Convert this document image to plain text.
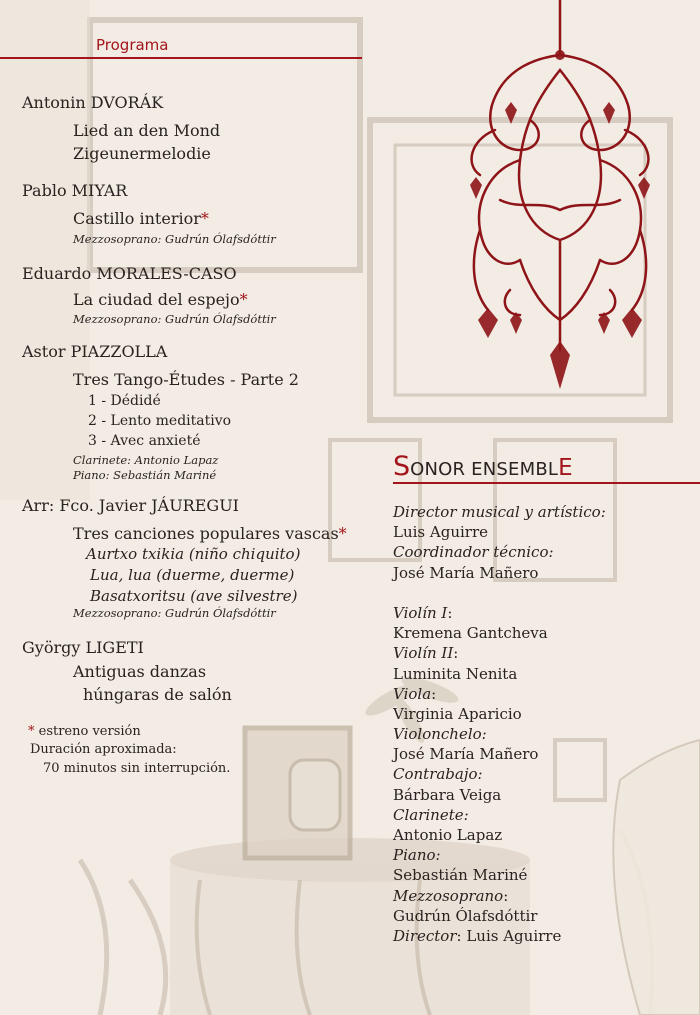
Programa
Antonin DVORÁK
Lied an den Mond
Zigeunermelodie
Pablo MIYAR
Castillo interior*
Mezzosoprano: Gudrún Ólafsdóttir
Eduardo MORALES-CASO
La ciudad del espejo*
Mezzosoprano: Gudrún Ólafsdóttir
Astor PIAZZOLLA
Tres Tango-Études - Parte 2
1 - Dédidé
2 - Lento meditativo
3 - Avec anxieté
Clarinete: Antonio Lapaz
Piano: Sebastián Mariné
Arr: Fco. Javier JÁUREGUI
Tres canciones populares vascas*
Aurtxo txikia (niño chiquito)
Lua, lua (duerme, duerme)
Basatxoritsu (ave silvestre)
Mezzosoprano: Gudrún Ólafsdóttir
György LIGETI
Antiguas danzas
húngaras de salón
* estreno versión
Duración aproximada:
70 minutos sin interrupción.
SONOR ENSEMBLE
Director musical y artístico:
Luis Aguirre
Coordinador técnico:
José María Mañero
Violín I:
Kremena Gantcheva
Violín II:
Luminita Nenita
Viola:
Virginia Aparicio
Violonchelo:
José María Mañero
Contrabajo:
Bárbara Veiga
Clarinete:
Antonio Lapaz
Piano:
Sebastián Mariné
Mezzosoprano:
Gudrún Ólafsdóttir
Director: Luis Aguirre
